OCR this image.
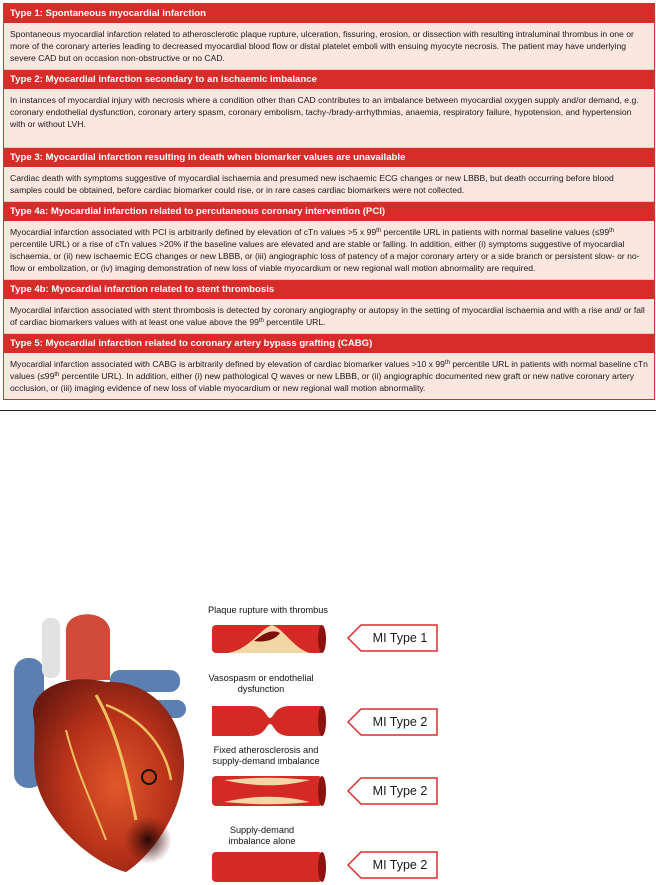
Type 1: Spontaneous myocardial infarction
Spontaneous myocardial infarction related to atherosclerotic plaque rupture, ulceration, fissuring, erosion, or dissection with resulting intraluminal thrombus in one or more of the coronary arteries leading to decreased myocardial blood flow or distal platelet emboli with ensuing myocyte necrosis. The patient may have underlying severe CAD but on occasion non-obstructive or no CAD.
Type 2: Myocardial infarction secondary to an ischaemic imbalance
In instances of myocardial injury with necrosis where a condition other than CAD contributes to an imbalance between myocardial oxygen supply and/or demand, e.g. coronary endothelial dysfunction, coronary artery spasm, coronary embolism, tachy-/brady-arrhythmias, anaemia, respiratory failure, hypotension, and hypertension with or without LVH.
Type 3: Myocardial infarction resulting in death when biomarker values are unavailable
Cardiac death with symptoms suggestive of myocardial ischaemia and presumed new ischaemic ECG changes or new LBBB, but death occurring before blood samples could be obtained, before cardiac biomarker could rise, or in rare cases cardiac biomarkers were not collected.
Type 4a: Myocardial infarction related to percutaneous coronary intervention (PCI)
Myocardial infarction associated with PCI is arbitrarily defined by elevation of cTn values >5 x 99th percentile URL in patients with normal baseline values (≤99th percentile URL) or a rise of cTn values >20% if the baseline values are elevated and are stable or falling. In addition, either (i) symptoms suggestive of myocardial ischaemia, or (ii) new ischaemic ECG changes or new LBBB, or (iii) angiographic loss of patency of a major coronary artery or a side branch or persistent slow- or no-flow or embolization, or (iv) imaging demonstration of new loss of viable myocardium or new regional wall motion abnormality are required.
Type 4b: Myocardial infarction related to stent thrombosis
Myocardial infarction associated with stent thrombosis is detected by coronary angiography or autopsy in the setting of myocardial ischaemia and with a rise and/ or fall of cardiac biomarkers values with at least one value above the 99th percentile URL.
Type 5: Myocardial infarction related to coronary artery bypass grafting (CABG)
Myocardial infarction associated with CABG is arbitrarily defined by elevation of cardiac biomarker values >10 x 99th percentile URL in patients with normal baseline cTn values (≤99th percentile URL). In addition, either (i) new pathological Q waves or new LBBB, or (ii) angiographic documented new graft or new native coronary artery occlusion, or (iii) imaging evidence of new loss of viable myocardium or new regional wall motion abnormality.
Plaque rupture with thrombus
MI Type 1
Vasospasm or endothelial dysfunction
MI Type 2
Fixed atherosclerosis and supply-demand imbalance
MI Type 2
Supply-demand imbalance alone
MI Type 2
